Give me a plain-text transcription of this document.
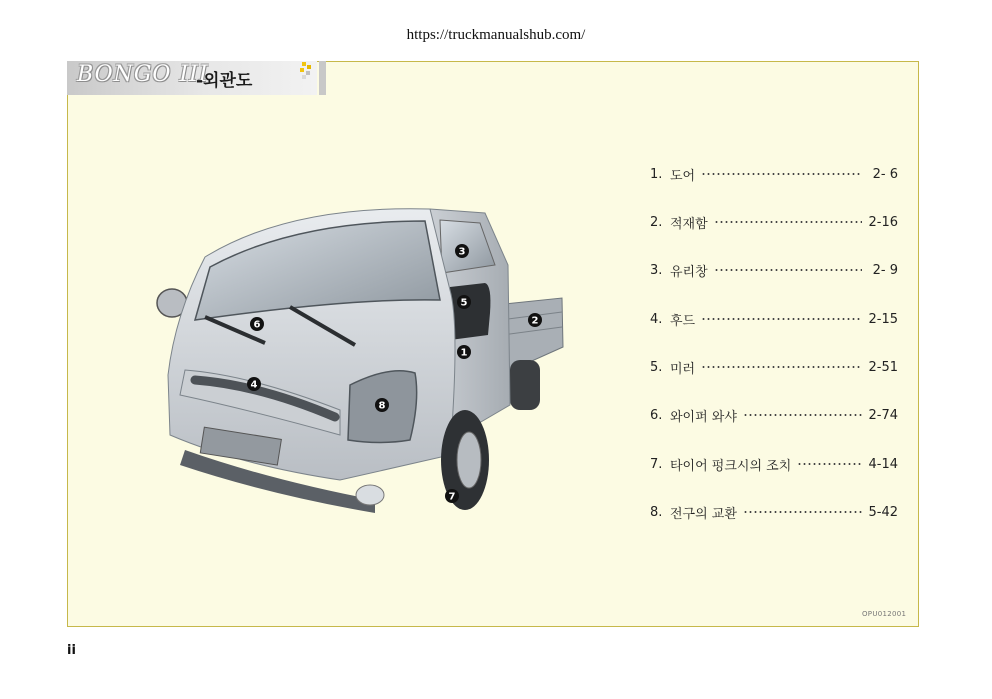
https://truckmanualshub.com/
BONGO III
-외관도
1
2
3
4
5
6
7
8
1. 도어	2- 6
2. 적재함	2-16
3. 유리창	2- 9
4. 후드	2-15
5. 미러	2-51
6. 와이퍼 와샤	2-74
7. 타이어 펑크시의 조치	4-14
8. 전구의 교환	5-42
OPU012001
ii
